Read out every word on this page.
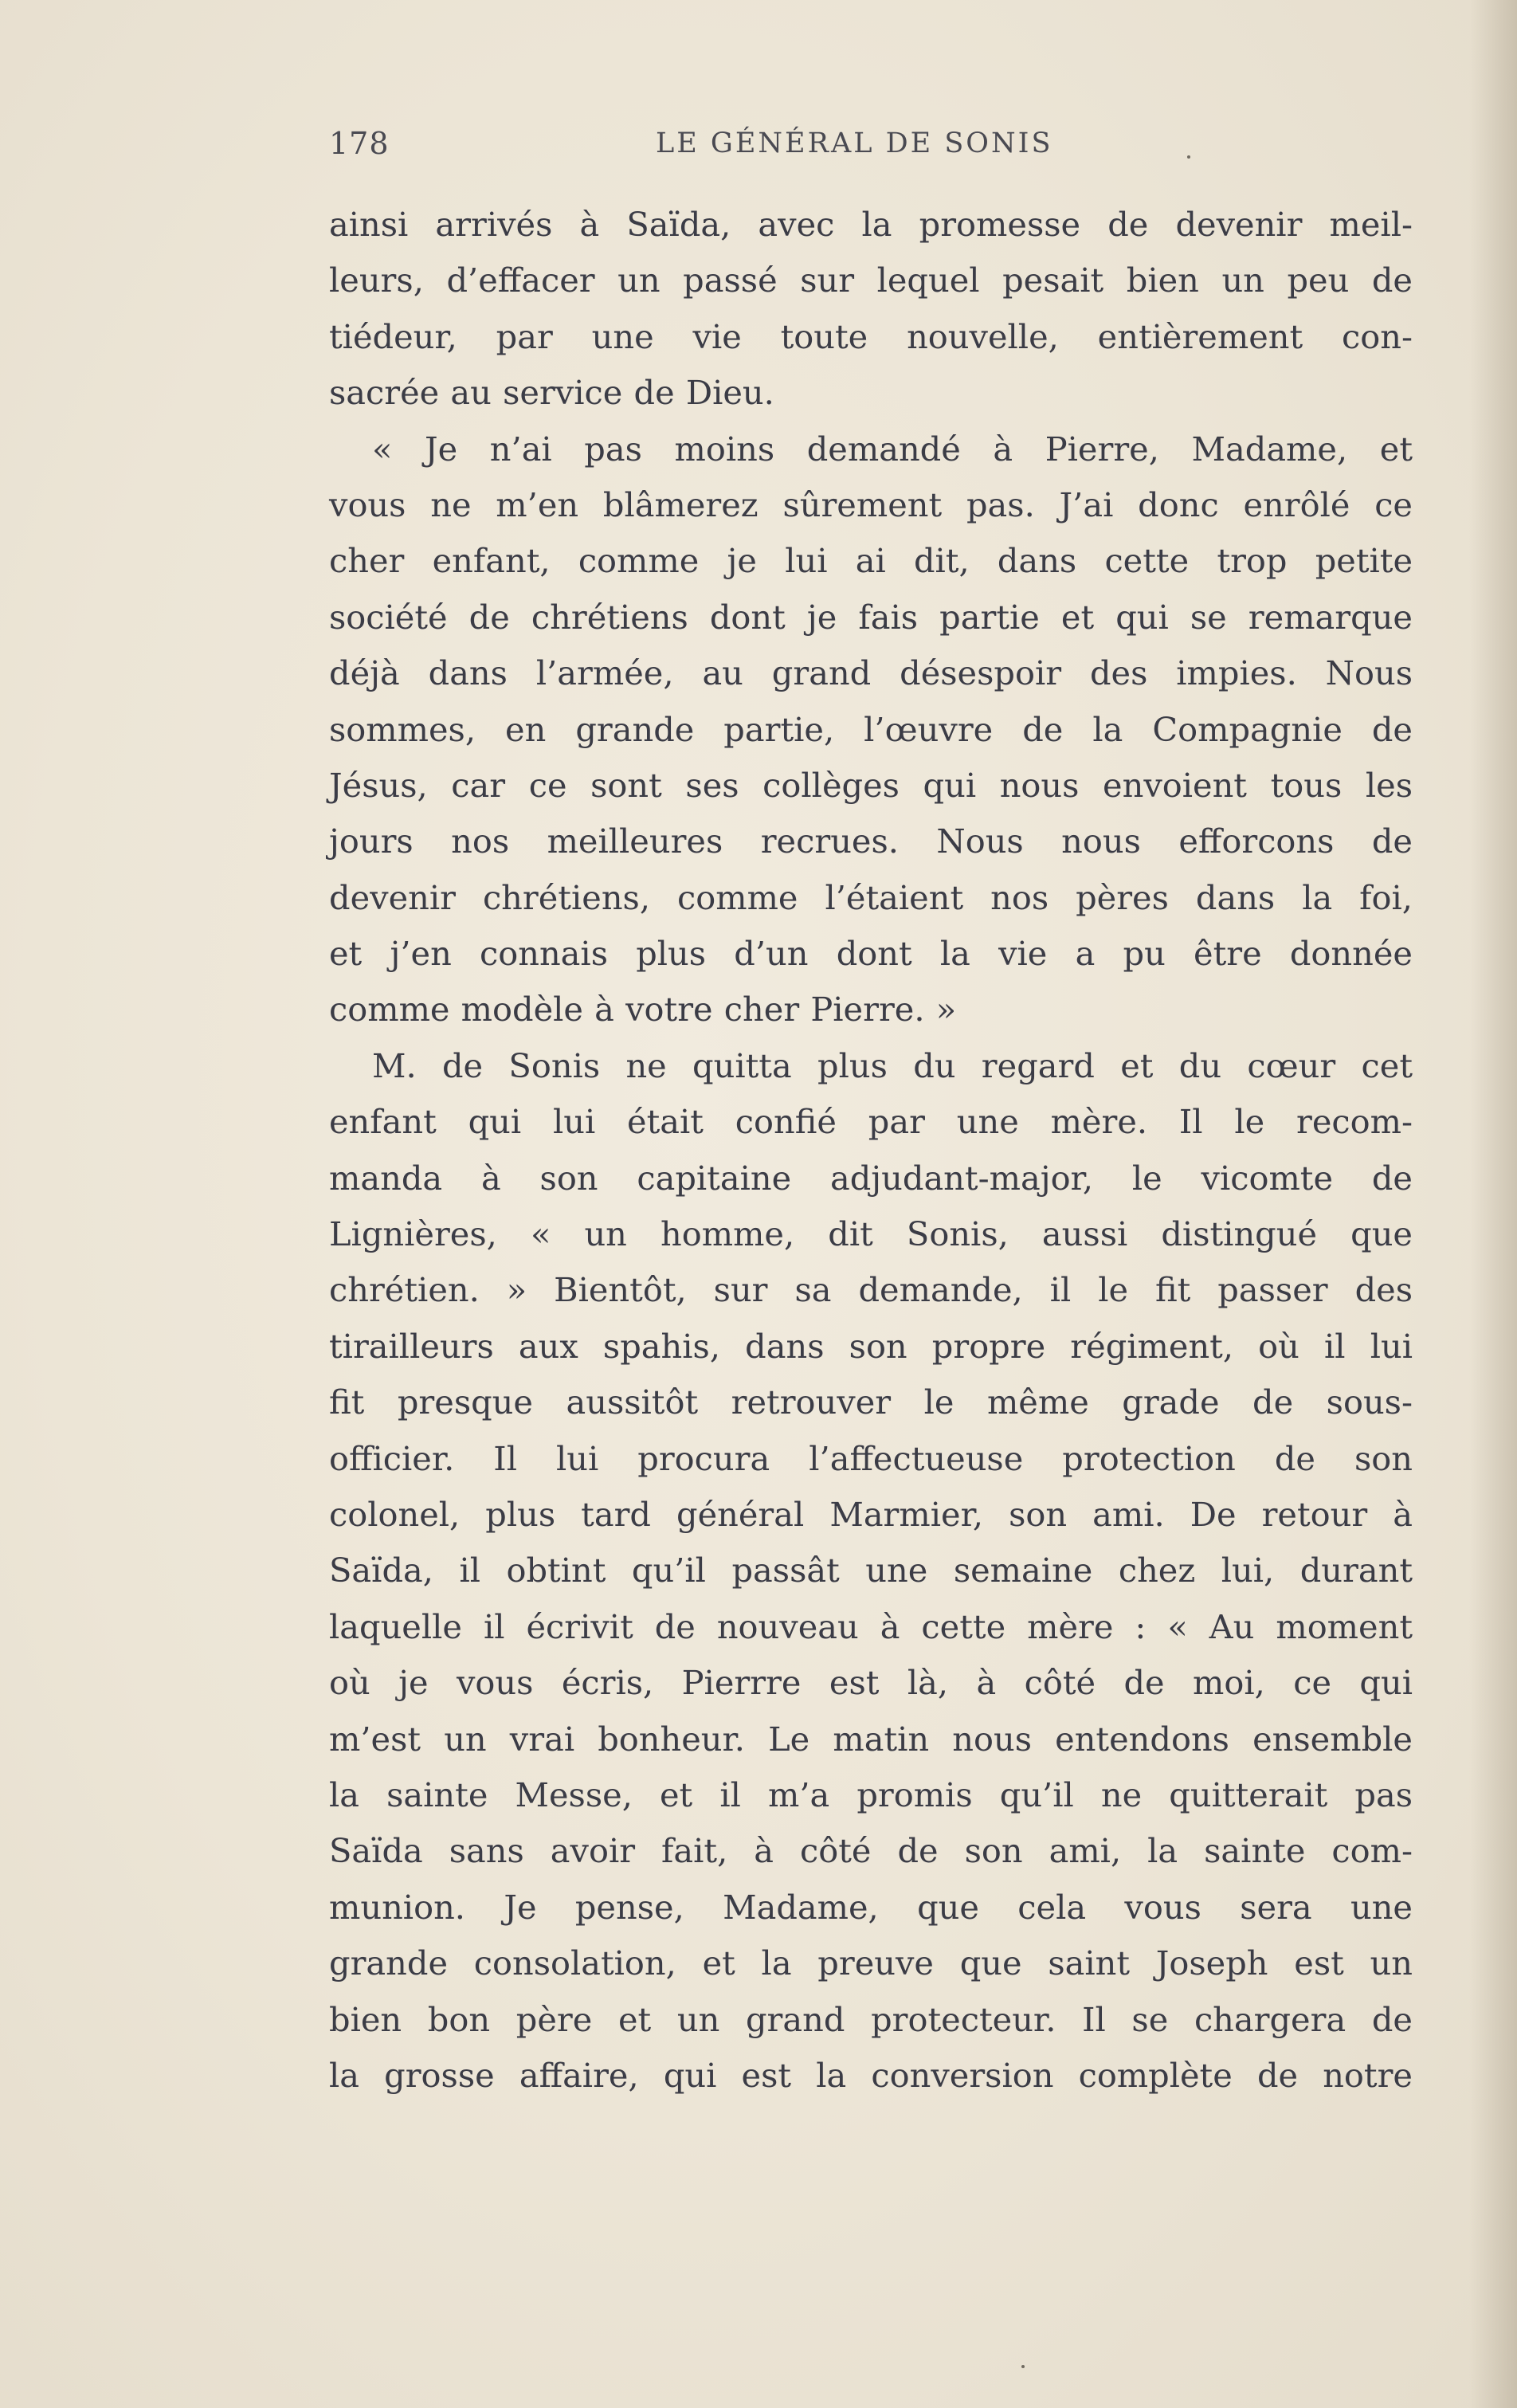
178	LE GÉNÉRAL DE SONIS
ainsi arrivés à Saïda, avec la promesse de devenir meil-
leurs, d’effacer un passé sur lequel pesait bien un peu de
tiédeur, par une vie toute nouvelle, entièrement con-
sacrée au service de Dieu.
« Je n’ai pas moins demandé à Pierre, Madame, et
vous ne m’en blâmerez sûrement pas. J’ai donc enrôlé ce
cher enfant, comme je lui ai dit, dans cette trop petite
société de chrétiens dont je fais partie et qui se remarque
déjà dans l’armée, au grand désespoir des impies. Nous
sommes, en grande partie, l’œuvre de la Compagnie de
Jésus, car ce sont ses collèges qui nous envoient tous les
jours nos meilleures recrues. Nous nous efforcons de
devenir chrétiens, comme l’étaient nos pères dans la foi,
et j’en connais plus d’un dont la vie a pu être donnée
comme modèle à votre cher Pierre. »
M. de Sonis ne quitta plus du regard et du cœur cet
enfant qui lui était confié par une mère. Il le recom-
manda à son capitaine adjudant-major, le vicomte de
Lignières, « un homme, dit Sonis, aussi distingué que
chrétien. » Bientôt, sur sa demande, il le fit passer des
tirailleurs aux spahis, dans son propre régiment, où il lui
fit presque aussitôt retrouver le même grade de sous-
officier. Il lui procura l’affectueuse protection de son
colonel, plus tard général Marmier, son ami. De retour à
Saïda, il obtint qu’il passât une semaine chez lui, durant
laquelle il écrivit de nouveau à cette mère : « Au moment
où je vous écris, Pierrre est là, à côté de moi, ce qui
m’est un vrai bonheur. Le matin nous entendons ensemble
la sainte Messe, et il m’a promis qu’il ne quitterait pas
Saïda sans avoir fait, à côté de son ami, la sainte com-
munion. Je pense, Madame, que cela vous sera une
grande consolation, et la preuve que saint Joseph est un
bien bon père et un grand protecteur. Il se chargera de
la grosse affaire, qui est la conversion complète de notre
